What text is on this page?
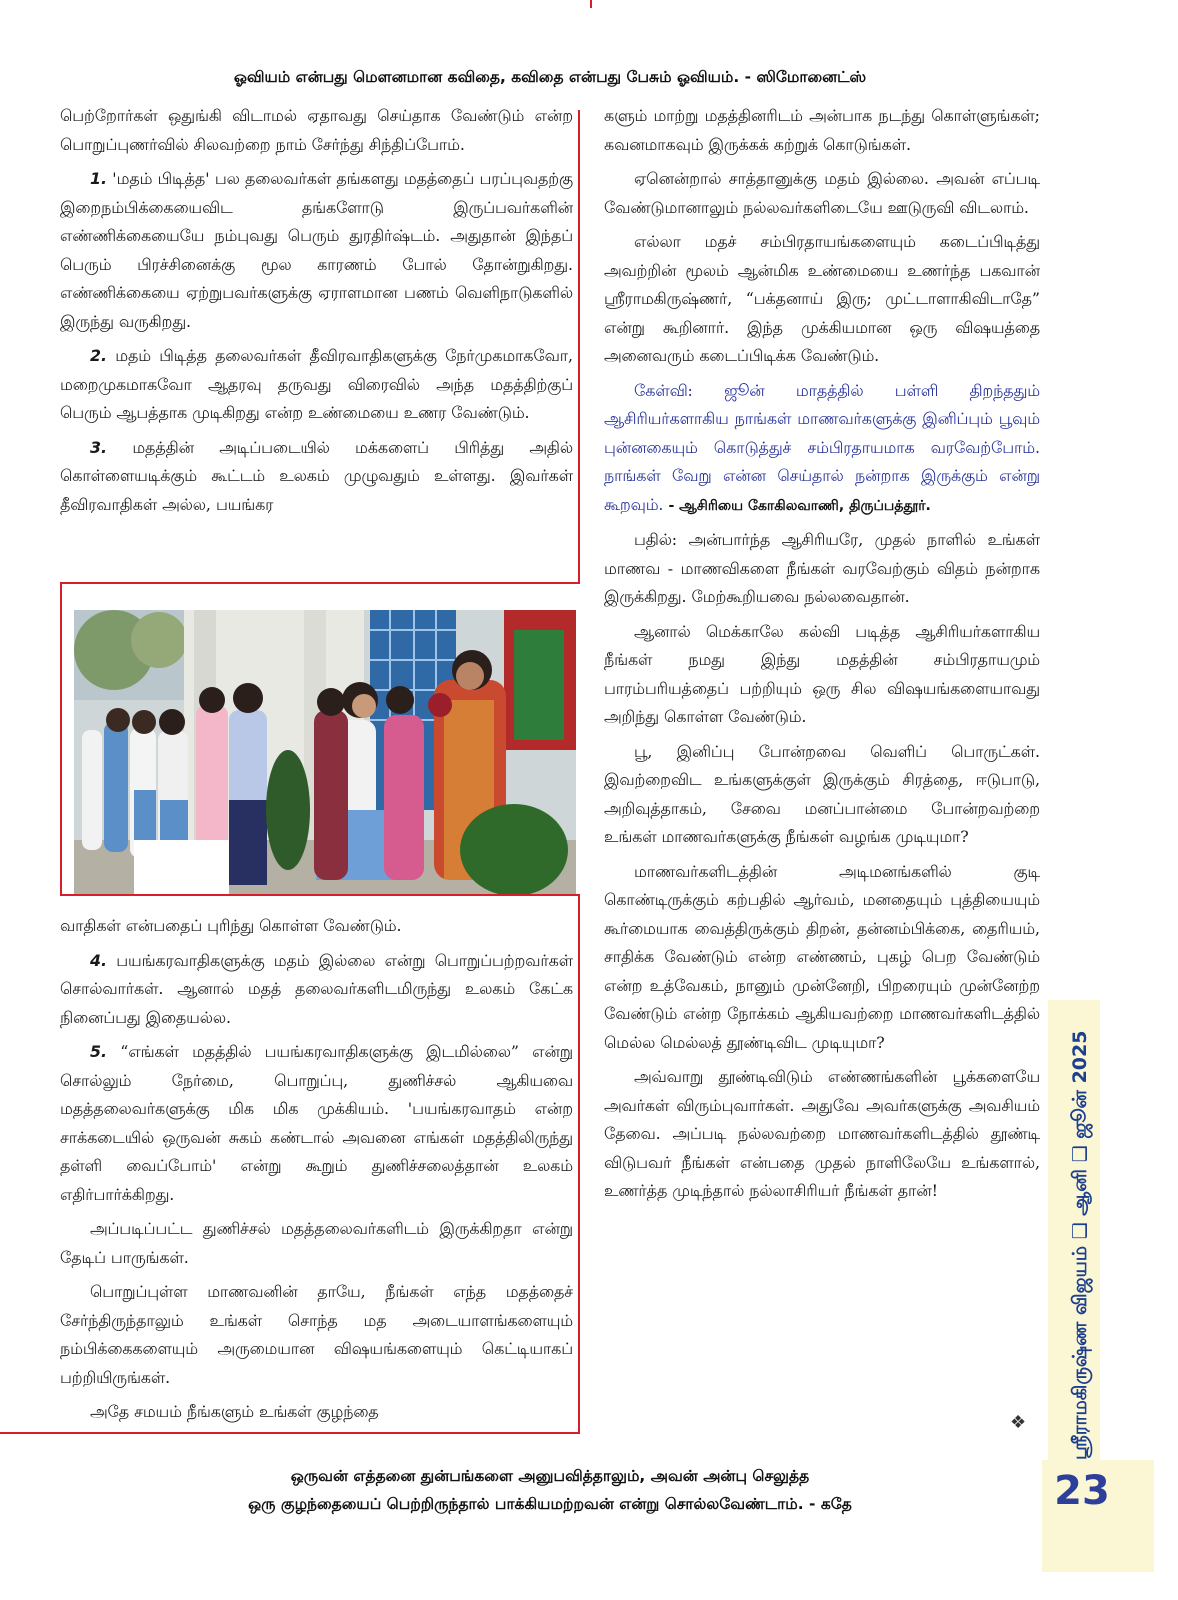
ஓவியம் என்பது மௌனமான கவிதை, கவிதை என்பது பேசும் ஓவியம். - ஸிமோனைட்ஸ்

பெற்றோர்கள் ஒதுங்கி விடாமல் ஏதாவது செய்தாக வேண்டும் என்ற பொறுப்புணர்வில் சிலவற்றை நாம் சேர்ந்து சிந்திப்போம்.

1. 'மதம் பிடித்த' பல தலைவர்கள் தங்களது மதத்தைப் பரப்புவதற்கு இறைநம்பிக்கையைவிட தங்களோடு இருப்பவர்களின் எண்ணிக்கையையே நம்புவது பெரும் துரதிர்ஷ்டம். அதுதான் இந்தப் பெரும் பிரச்சினைக்கு மூல காரணம் போல் தோன்றுகிறது. எண்ணிக்கையை ஏற்றுபவர்களுக்கு ஏராளமான பணம் வெளிநாடுகளில் இருந்து வருகிறது.

2. மதம் பிடித்த தலைவர்கள் தீவிரவாதிகளுக்கு நேர்முகமாகவோ, மறைமுகமாகவோ ஆதரவு தருவது விரைவில் அந்த மதத்திற்குப் பெரும் ஆபத்தாக முடிகிறது என்ற உண்மையை உணர வேண்டும்.

3. மதத்தின் அடிப்படையில் மக்களைப் பிரித்து அதில் கொள்ளையடிக்கும் கூட்டம் உலகம் முழுவதும் உள்ளது. இவர்கள் தீவிரவாதிகள் அல்ல, பயங்கர

வாதிகள் என்பதைப் புரிந்து கொள்ள வேண்டும்.

4. பயங்கரவாதிகளுக்கு மதம் இல்லை என்று பொறுப்பற்றவர்கள் சொல்வார்கள். ஆனால் மதத் தலைவர்களிடமிருந்து உலகம் கேட்க நினைப்பது இதையல்ல.

5. “எங்கள் மதத்தில் பயங்கரவாதிகளுக்கு இடமில்லை” என்று சொல்லும் நேர்மை, பொறுப்பு, துணிச்சல் ஆகியவை மதத்தலைவர்களுக்கு மிக மிக முக்கியம். 'பயங்கரவாதம் என்ற சாக்கடையில் ஒருவன் சுகம் கண்டால் அவனை எங்கள் மதத்திலிருந்து தள்ளி வைப்போம்' என்று கூறும் துணிச்சலைத்தான் உலகம் எதிர்பார்க்கிறது.

அப்படிப்பட்ட துணிச்சல் மதத்தலைவர்களிடம் இருக்கிறதா என்று தேடிப் பாருங்கள்.

பொறுப்புள்ள மாணவனின் தாயே, நீங்கள் எந்த மதத்தைச் சேர்ந்திருந்தாலும் உங்கள் சொந்த மத அடையாளங்களையும் நம்பிக்கைகளையும் அருமையான விஷயங்களையும் கெட்டியாகப் பற்றியிருங்கள்.

அதே சமயம் நீங்களும் உங்கள் குழந்தை

களும் மாற்று மதத்தினரிடம் அன்பாக நடந்து கொள்ளுங்கள்; கவனமாகவும் இருக்கக் கற்றுக் கொடுங்கள்.

ஏனென்றால் சாத்தானுக்கு மதம் இல்லை. அவன் எப்படி வேண்டுமானாலும் நல்லவர்களிடையே ஊடுருவி விடலாம்.

எல்லா மதச் சம்பிரதாயங்களையும் கடைப்பிடித்து அவற்றின் மூலம் ஆன்மிக உண்மையை உணர்ந்த பகவான் ஸ்ரீராமகிருஷ்ணர், “பக்தனாய் இரு; முட்டாளாகிவிடாதே” என்று கூறினார். இந்த முக்கியமான ஒரு விஷயத்தை அனைவரும் கடைப்பிடிக்க வேண்டும்.

கேள்வி: ஜூன் மாதத்தில் பள்ளி திறந்ததும் ஆசிரியர்களாகிய நாங்கள் மாணவர்களுக்கு இனிப்பும் பூவும் புன்னகையும் கொடுத்துச் சம்பிரதாயமாக வரவேற்போம். நாங்கள் வேறு என்ன செய்தால் நன்றாக இருக்கும் என்று கூறவும். - ஆசிரியை கோகிலவாணி, திருப்பத்தூர்.

பதில்: அன்பார்ந்த ஆசிரியரே, முதல் நாளில் உங்கள் மாணவ - மாணவிகளை நீங்கள் வரவேற்கும் விதம் நன்றாக இருக்கிறது. மேற்கூறியவை நல்லவைதான்.

ஆனால் மெக்காலே கல்வி படித்த ஆசிரியர்களாகிய நீங்கள் நமது இந்து மதத்தின் சம்பிரதாயமும் பாரம்பரியத்தைப் பற்றியும் ஒரு சில விஷயங்களையாவது அறிந்து கொள்ள வேண்டும்.

பூ, இனிப்பு போன்றவை வெளிப் பொருட்கள். இவற்றைவிட உங்களுக்குள் இருக்கும் சிரத்தை, ஈடுபாடு, அறிவுத்தாகம், சேவை மனப்பான்மை போன்றவற்றை உங்கள் மாணவர்களுக்கு நீங்கள் வழங்க முடியுமா?

மாணவர்களிடத்தின் அடிமனங்களில் குடி கொண்டிருக்கும் கற்பதில் ஆர்வம், மனதையும் புத்தியையும் கூர்மையாக வைத்திருக்கும் திறன், தன்னம்பிக்கை, தைரியம், சாதிக்க வேண்டும் என்ற எண்ணம், புகழ் பெற வேண்டும் என்ற உத்வேகம், நானும் முன்னேறி, பிறரையும் முன்னேற்ற வேண்டும் என்ற நோக்கம் ஆகியவற்றை மாணவர்களிடத்தில் மெல்ல மெல்லத் தூண்டிவிட முடியுமா?

அவ்வாறு தூண்டிவிடும் எண்ணங்களின் பூக்களையே அவர்கள் விரும்புவார்கள். அதுவே அவர்களுக்கு அவசியம் தேவை. அப்படி நல்லவற்றை மாணவர்களிடத்தில் தூண்டி விடுபவர் நீங்கள் என்பதை முதல் நாளிலேயே உங்களால், உணர்த்த முடிந்தால் நல்லாசிரியர் நீங்கள் தான்!

❖
ஒருவன் எத்தனை துன்பங்களை அனுபவித்தாலும், அவன் அன்பு செலுத்த
ஒரு குழந்தையைப் பெற்றிருந்தால் பாக்கியமற்றவன் என்று சொல்லவேண்டாம். - கதே
ஸ்ரீராமகிருஷ்ண விஜயம் ❑ ஆனி ❑ ஜூன் 2025
23
